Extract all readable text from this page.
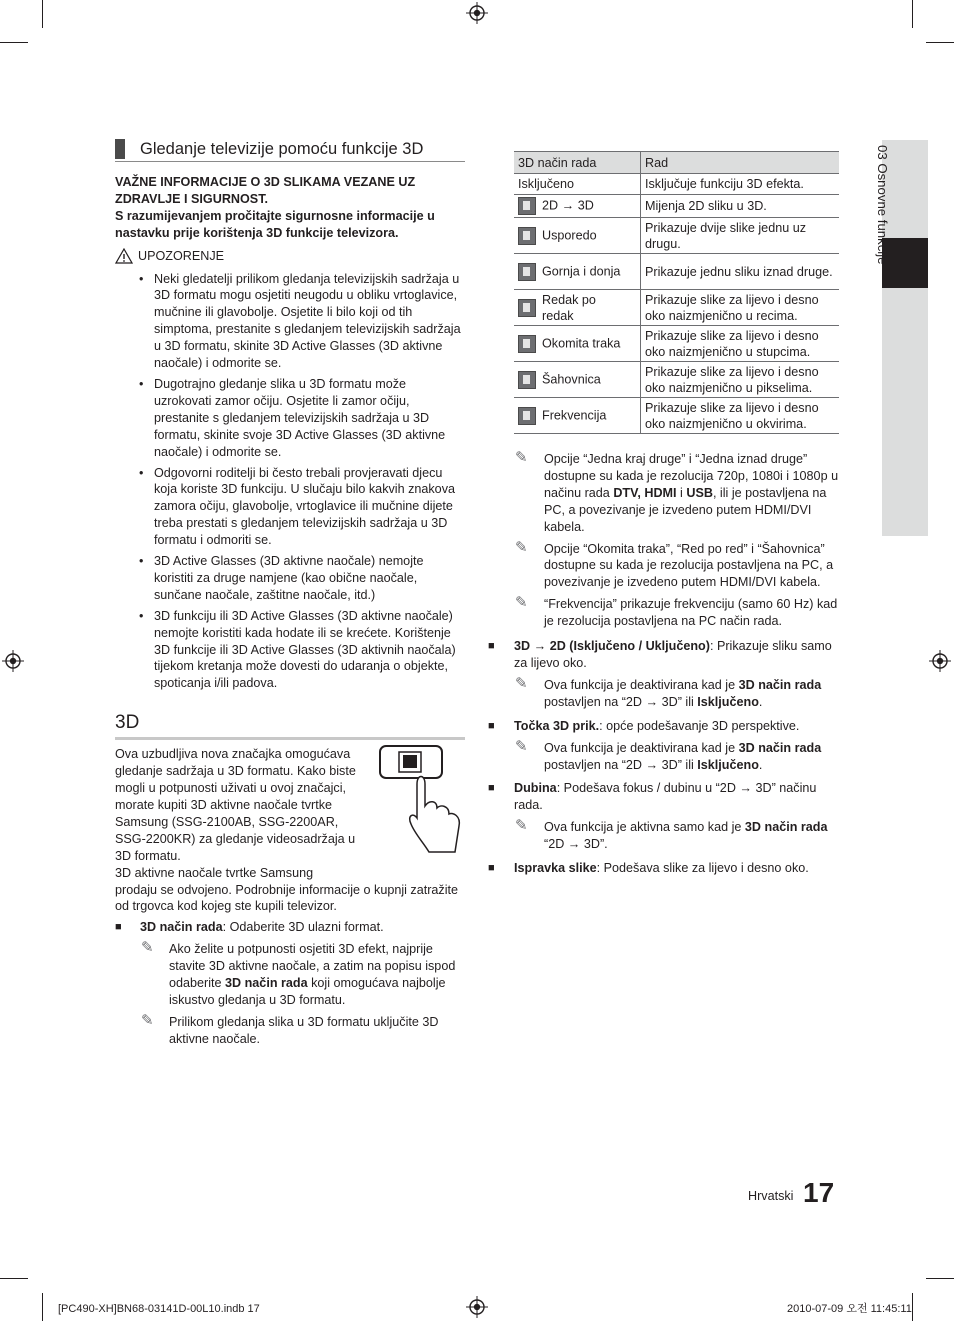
03 Osnovne funkcije
Gledanje televizije pomoću funkcije 3D
VAŽNE INFORMACIJE O 3D SLIKAMA VEZANE UZ ZDRAVLJE I SIGURNOST.
S razumijevanjem pročitajte sigurnosne informacije u nastavku prije korištenja 3D funkcije televizora.
UPOZORENJE
• Neki gledatelji prilikom gledanja televizijskih sadržaja u 3D formatu mogu osjetiti neugodu u obliku vrtoglavice, mučnine ili glavobolje. Osjetite li bilo koji od tih simptoma, prestanite s gledanjem televizijskih sadržaja u 3D formatu, skinite 3D Active Glasses (3D aktivne naočale) i odmorite se.
• Dugotrajno gledanje slika u 3D formatu može uzrokovati zamor očiju. Osjetite li zamor očiju, prestanite s gledanjem televizijskih sadržaja u 3D formatu, skinite svoje 3D Active Glasses (3D aktivne naočale) i odmorite se.
• Odgovorni roditelji bi često trebali provjeravati djecu koja koriste 3D funkciju. U slučaju bilo kakvih znakova zamora očiju, glavobolje, vrtoglavice ili mučnine dijete treba prestati s gledanjem televizijskih sadržaja u 3D formatu i odmoriti se.
• 3D Active Glasses (3D aktivne naočale) nemojte koristiti za druge namjene (kao obične naočale, sunčane naočale, zaštitne naočale, itd.)
• 3D funkciju ili 3D Active Glasses (3D aktivne naočale) nemojte koristiti kada hodate ili se krećete. Korištenje 3D funkcije ili 3D Active Glasses (3D aktivnih naočala) tijekom kretanja može dovesti do udaranja o objekte, spoticanja i/ili padova.
3D
Ova uzbudljiva nova značajka omogućava gledanje sadržaja u 3D formatu. Kako biste mogli u potpunosti uživati u ovoj značajci, morate kupiti 3D aktivne naočale tvrtke Samsung (SSG-2100AB, SSG-2200AR, SSG-2200KR) za gledanje videosadržaja u 3D formatu.
3D aktivne naočale tvrtke Samsung
prodaju se odvojeno. Podrobnije informacije o kupnji zatražite od trgovca kod kojeg ste kupili televizor.
■ 3D način rada: Odaberite 3D ulazni format.
✎ Ako želite u potpunosti osjetiti 3D efekt, najprije stavite 3D aktivne naočale, a zatim na popisu ispod odaberite 3D način rada koji omogućava najbolje iskustvo gledanja u 3D formatu.
✎ Prilikom gledanja slika u 3D formatu uključite 3D aktivne naočale.
3D način rada	Rad
Isključeno	Isključuje funkciju 3D efekta.
2D → 3D	Mijenja 2D sliku u 3D.
Usporedo	Prikazuje dvije slike jednu uz drugu.
Gornja i donja	Prikazuje jednu sliku iznad druge.

Redak po redak	Prikazuje slike za lijevo i desno oko naizmjenično u recima.
Okomita traka	Prikazuje slike za lijevo i desno oko naizmjenično u stupcima.
Šahovnica	Prikazuje slike za lijevo i desno oko naizmjenično u pikselima.
Frekvencija	Prikazuje slike za lijevo i desno oko naizmjenično u okvirima.
✎ Opcije “Jedna kraj druge” i “Jedna iznad druge” dostupne su kada je rezolucija 720p, 1080i i 1080p u načinu rada DTV, HDMI i USB, ili je postavljena na PC, a povezivanje je izvedeno putem HDMI/DVI kabela.
✎ Opcije “Okomita traka”, “Red po red” i “Šahovnica” dostupne su kada je rezolucija postavljena na PC, a povezivanje je izvedeno putem HDMI/DVI kabela.
✎ “Frekvencija” prikazuje frekvenciju (samo 60 Hz) kad je rezolucija postavljena na PC način rada.
■ 3D → 2D (Isključeno / Uključeno): Prikazuje sliku samo za lijevo oko.
✎ Ova funkcija je deaktivirana kad je 3D način rada postavljen na “2D → 3D” ili Isključeno.
■ Točka 3D prik.: opće podešavanje 3D perspektive.
✎ Ova funkcija je deaktivirana kad je 3D način rada postavljen na “2D → 3D” ili Isključeno.
■ Dubina: Podešava fokus / dubinu u “2D → 3D” načinu rada.
✎ Ova funkcija je aktivna samo kad je 3D način rada “2D → 3D”.
■ Ispravka slike: Podešava slike za lijevo i desno oko.
Hrvatski 17
[PC490-XH]BN68-03141D-00L10.indb 17	2010-07-09 오전 11:45:11
